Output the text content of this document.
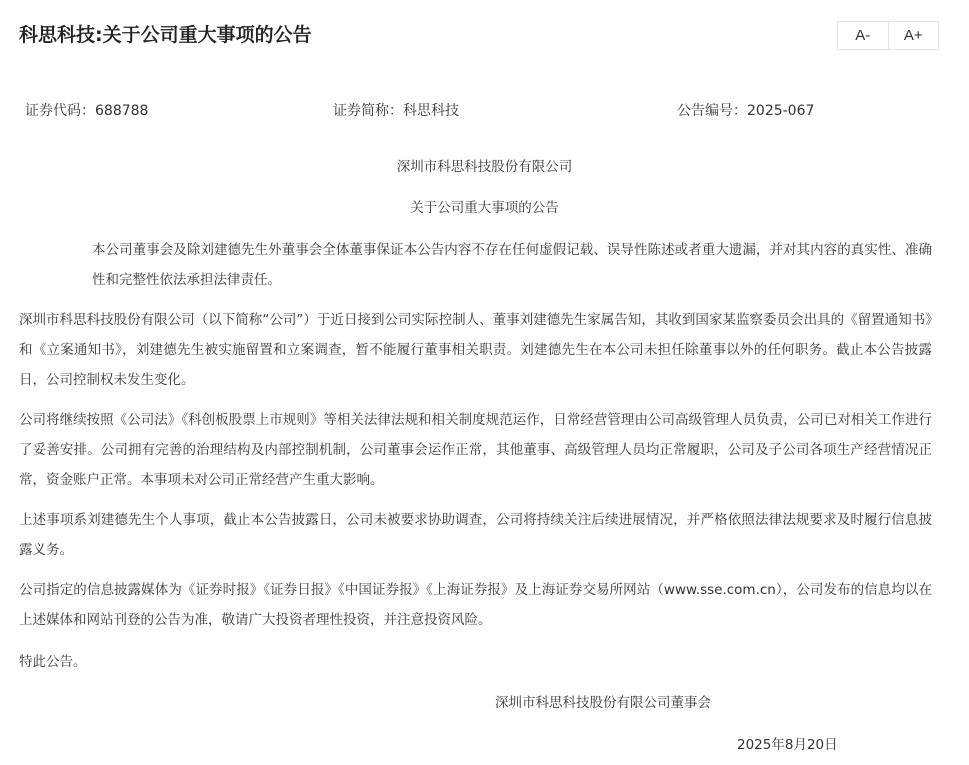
科思科技:关于公司重大事项的公告	A-	A+
证券代码：688788	证券简称：科思科技	公告编号：2025-067
深圳市科思科技股份有限公司
关于公司重大事项的公告

本公司董事会及除刘建德先生外董事会全体董事保证本公告内容不存在任何虚假记载、误导性陈述或者重大遗漏，并对其内容的真实性、准确性和完整性依法承担法律责任。

深圳市科思科技股份有限公司（以下简称“公司”）于近日接到公司实际控制人、董事刘建德先生家属告知，其收到国家某监察委员会出具的《留置通知书》和《立案通知书》，刘建德先生被实施留置和立案调查，暂不能履行董事相关职责。刘建德先生在本公司未担任除董事以外的任何职务。截止本公告披露日，公司控制权未发生变化。

公司将继续按照《公司法》《科创板股票上市规则》等相关法律法规和相关制度规范运作，日常经营管理由公司高级管理人员负责，公司已对相关工作进行了妥善安排。公司拥有完善的治理结构及内部控制机制，公司董事会运作正常，其他董事、高级管理人员均正常履职，公司及子公司各项生产经营情况正常，资金账户正常。本事项未对公司正常经营产生重大影响。

上述事项系刘建德先生个人事项，截止本公告披露日，公司未被要求协助调查，公司将持续关注后续进展情况，并严格依照法律法规要求及时履行信息披露义务。

公司指定的信息披露媒体为《证券时报》《证券日报》《中国证券报》《上海证券报》及上海证券交易所网站（www.sse.com.cn），公司发布的信息均以在上述媒体和网站刊登的公告为准，敬请广大投资者理性投资，并注意投资风险。

特此公告。

深圳市科思科技股份有限公司董事会
2025年8月20日
